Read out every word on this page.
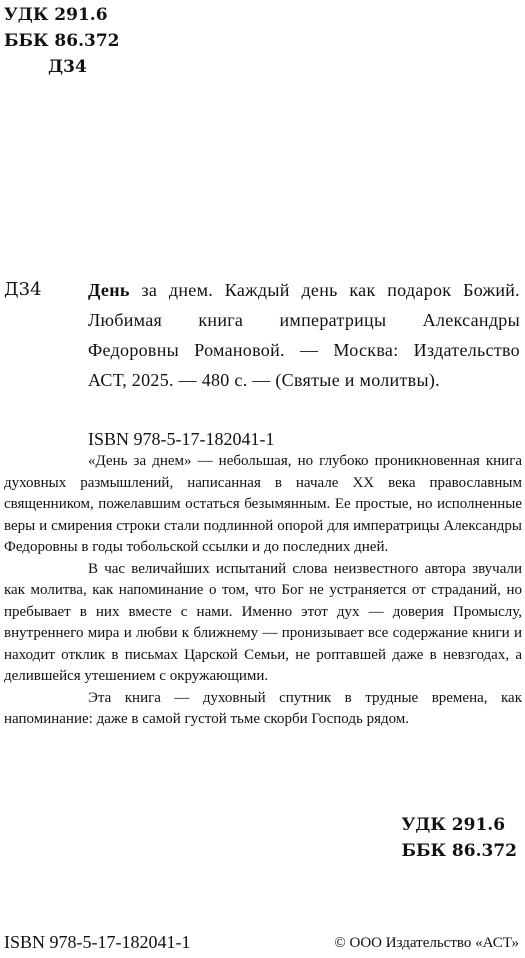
УДК 291.6
ББК 86.372
Д34
Д34	День за днем. Каждый день как подарок Божий. Любимая книга императрицы Александры Федоровны Романовой. — Москва: Издательство АСТ, 2025. — 480 с. — (Святые и молитвы).
ISBN 978-5-17-182041-1

«День за днем» — небольшая, но глубоко проникновенная книга духовных размышлений, написанная в начале XX века православным священником, пожелавшим остаться безымянным. Ее простые, но исполненные веры и смирения строки стали подлинной опорой для императрицы Александры Федоровны в годы тобольской ссылки и до последних дней.

В час величайших испытаний слова неизвестного автора звучали как молитва, как напоминание о том, что Бог не устраняется от страданий, но пребывает в них вместе с нами. Именно этот дух — доверия Промыслу, внутреннего мира и любви к ближнему — пронизывает все содержание книги и находит отклик в письмах Царской Семьи, не роптавшей даже в невзгодах, а делившейся утешением с окружающими.

Эта книга — духовный спутник в трудные времена, как напоминание: даже в самой густой тьме скорби Господь рядом.

УДК 291.6
ББК 86.372
ISBN 978-5-17-182041-1	© ООО Издательство «АСТ»
